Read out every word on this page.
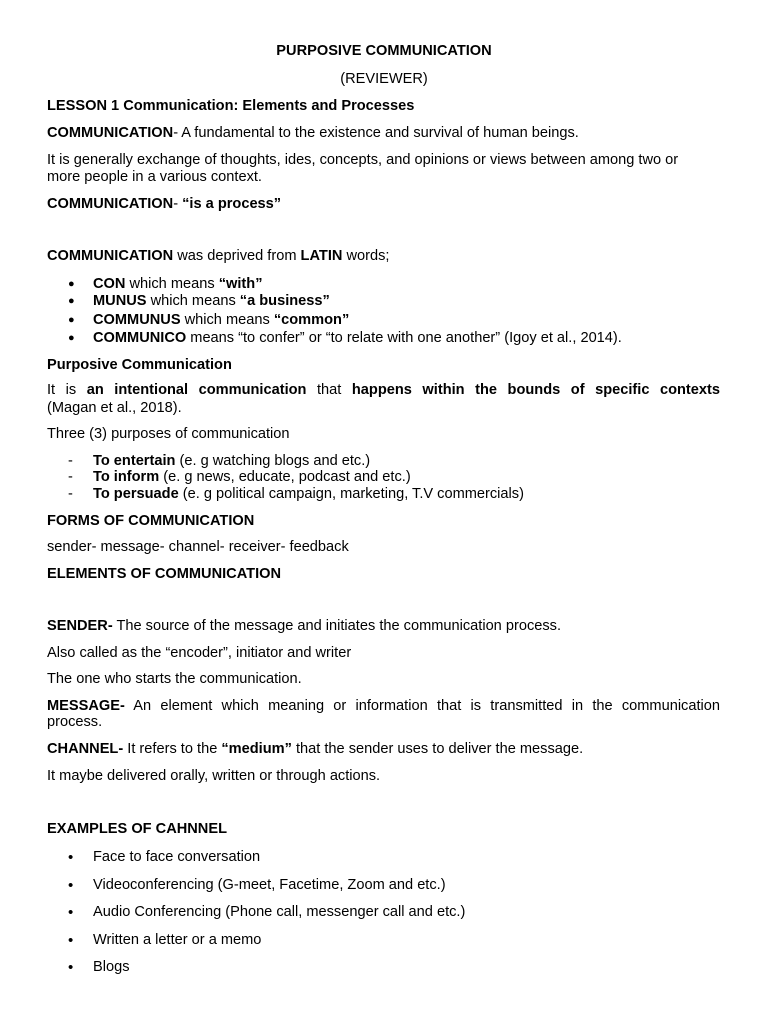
PURPOSIVE COMMUNICATION
(REVIEWER)
LESSON 1 Communication: Elements and Processes
COMMUNICATION- A fundamental to the existence and survival of human beings.
It is generally exchange of thoughts, ides, concepts, and opinions or views between among two or
more people in a various context.
COMMUNICATION- “is a process”
COMMUNICATION was deprived from LATIN words;
● CON which means “with”
● MUNUS which means “a business”
● COMMUNUS which means “common”
● COMMUNICO means “to confer” or “to relate with one another” (Igoy et al., 2014).
Purposive Communication
It is an intentional communication that happens within the bounds of specific contexts
(Magan et al., 2018).
Three (3) purposes of communication
- To entertain (e. g watching blogs and etc.)
- To inform (e. g news, educate, podcast and etc.)
- To persuade (e. g political campaign, marketing, T.V commercials)
FORMS OF COMMUNICATION
sender- message- channel- receiver- feedback
ELEMENTS OF COMMUNICATION
SENDER- The source of the message and initiates the communication process.
Also called as the “encoder”, initiator and writer
The one who starts the communication.
MESSAGE- An element which meaning or information that is transmitted in the communication
process.
CHANNEL- It refers to the “medium” that the sender uses to deliver the message.
It maybe delivered orally, written or through actions.
EXAMPLES OF CAHNNEL
• Face to face conversation
• Videoconferencing (G-meet, Facetime, Zoom and etc.)
• Audio Conferencing (Phone call, messenger call and etc.)
• Written a letter or a memo
• Blogs
